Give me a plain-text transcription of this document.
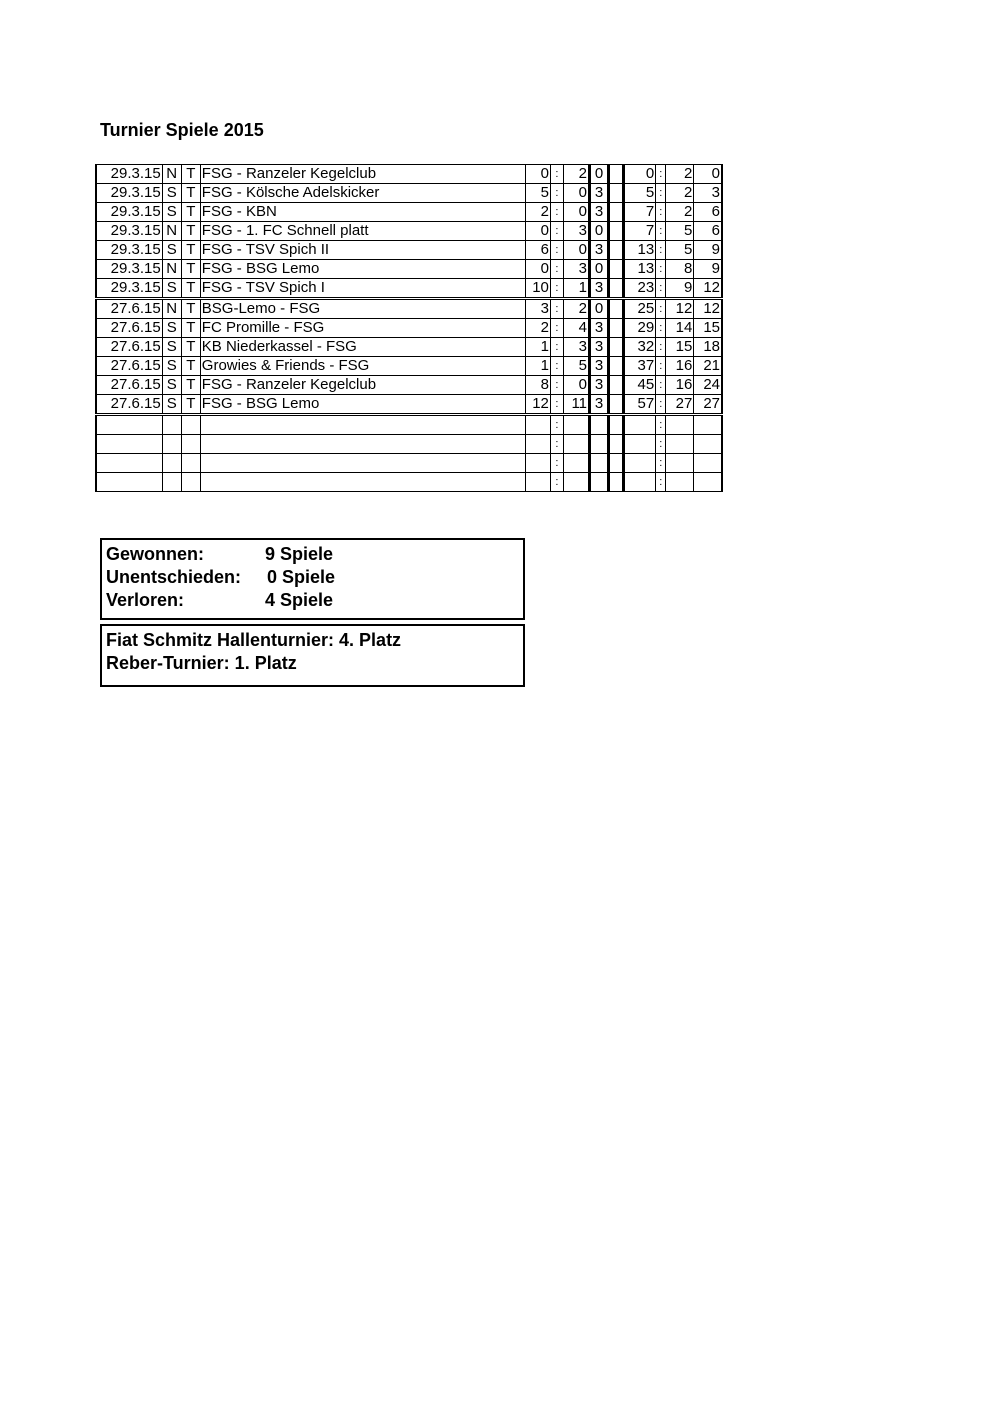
Turnier Spiele 2015
29.3.15	N	T	FSG - Ranzeler Kegelclub	0	:	2	0		0	:	2	0
29.3.15	S	T	FSG - Kölsche Adelskicker	5	:	0	3		5	:	2	3
29.3.15	S	T	FSG - KBN	2	:	0	3		7	:	2	6
29.3.15	N	T	FSG - 1. FC Schnell platt	0	:	3	0		7	:	5	6
29.3.15	S	T	FSG - TSV Spich II	6	:	0	3		13	:	5	9
29.3.15	N	T	FSG - BSG Lemo	0	:	3	0		13	:	8	9
29.3.15	S	T	FSG - TSV Spich I	10	:	1	3		23	:	9	12
27.6.15	N	T	BSG-Lemo - FSG	3	:	2	0		25	:	12	12
27.6.15	S	T	FC Promille - FSG	2	:	4	3		29	:	14	15
27.6.15	S	T	KB Niederkassel - FSG	1	:	3	3		32	:	15	18
27.6.15	S	T	Growies & Friends - FSG	1	:	5	3		37	:	16	21
27.6.15	S	T	FSG - Ranzeler Kegelclub	8	:	0	3		45	:	16	24
27.6.15	S	T	FSG - BSG Lemo	12	:	11	3		57	:	27	27
					:					:		
					:					:		
					:					:		
					:					:		
Gewonnen:	9 Spiele
Unentschieden: 0 Spiele
Verloren:	4 Spiele
Fiat Schmitz Hallenturnier: 4. Platz
Reber-Turnier: 1. Platz
